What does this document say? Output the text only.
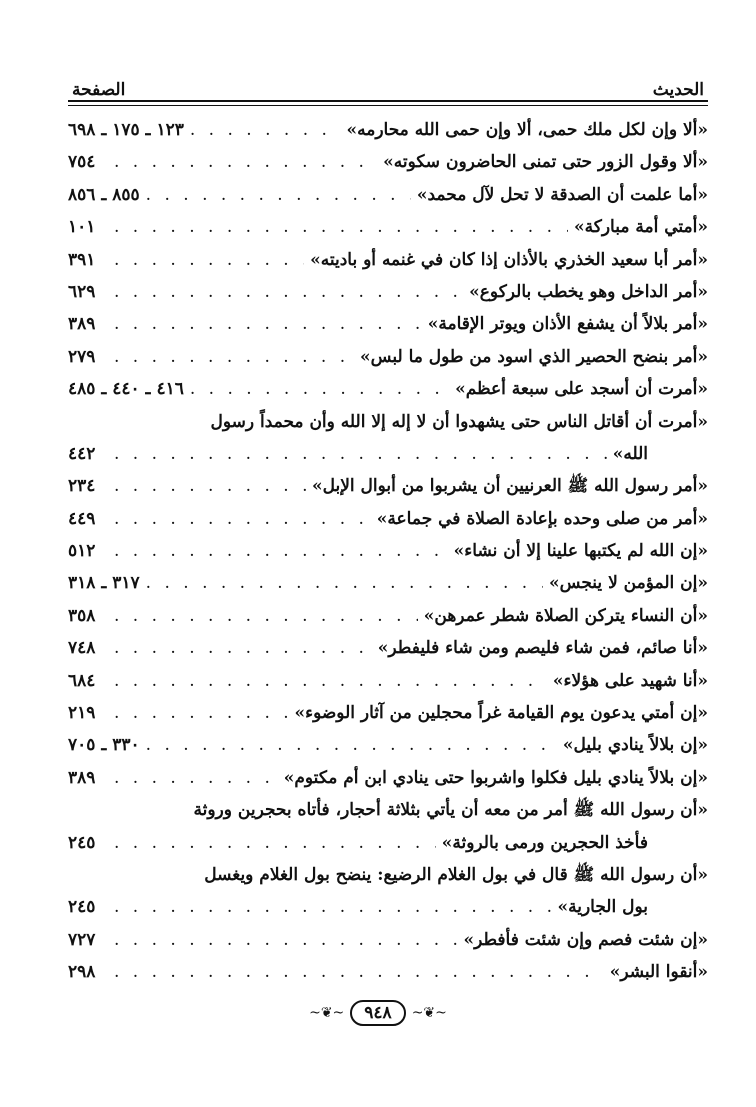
الحديث
الصفحة
«ألا وإن لكل ملك حمى، ألا وإن حمى الله محارمه»
. . .
١٢٣ ـ ١٧٥ ـ ٦٩٨
«ألا وقول الزور حتى تمنى الحاضرون سكوته»
. . .
٧٥٤
«أما علمت أن الصدقة لا تحل لآل محمد»
. . .
٨٥٥ ـ ٨٥٦
«أمتي أمة مباركة»
. . .
١٠١
«أمر أبا سعيد الخذري بالأذان إذا كان في غنمه أو باديته»
. . .
٣٩١
«أمر الداخل وهو يخطب بالركوع»
. . .
٦٢٩
«أمر بلالاً أن يشفع الأذان ويوتر الإقامة»
. . .
٣٨٩
«أمر بنضح الحصير الذي اسود من طول ما لبس»
. . .
٢٧٩
«أمرت أن أسجد على سبعة أعظم»
. . .
٤١٦ ـ ٤٤٠ ـ ٤٨٥
«أمرت أن أقاتل الناس حتى يشهدوا أن لا إله إلا الله وأن محمداً رسول
الله»
. . .
٤٤٢
«أمر رسول الله ﷺ العرنيين أن يشربوا من أبوال الإبل»
. . .
٢٣٤
«أمر من صلى وحده بإعادة الصلاة في جماعة»
. . .
٤٤٩
«إن الله لم يكتبها علينا إلا أن نشاء»
. . .
٥١٢
«إن المؤمن لا ينجس»
. . .
٣١٧ ـ ٣١٨
«أن النساء يتركن الصلاة شطر عمرهن»
. . .
٣٥٨
«أنا صائم، فمن شاء فليصم ومن شاء فليفطر»
. . .
٧٤٨
«أنا شهيد على هؤلاء»
. . .
٦٨٤
«إن أمتي يدعون يوم القيامة غراً محجلين من آثار الوضوء»
. . .
٢١٩
«إن بلالاً ينادي بليل»
. . .
٣٣٠ ـ ٧٠٥
«إن بلالاً ينادي بليل فكلوا واشربوا حتى ينادي ابن أم مكتوم»
. . .
٣٨٩
«أن رسول الله ﷺ أمر من معه أن يأتي بثلاثة أحجار، فأتاه بحجرين وروثة
فأخذ الحجرين ورمى بالروثة»
. . .
٢٤٥
«أن رسول الله ﷺ قال في بول الغلام الرضيع: ينضح بول الغلام ويغسل
بول الجارية»
. . .
٢٤٥
«إن شئت فصم وإن شئت فأفطر»
. . .
٧٢٧
«أنقوا البشر»
. . .
٢٩٨
~❦~	٩٤٨	~❦~
